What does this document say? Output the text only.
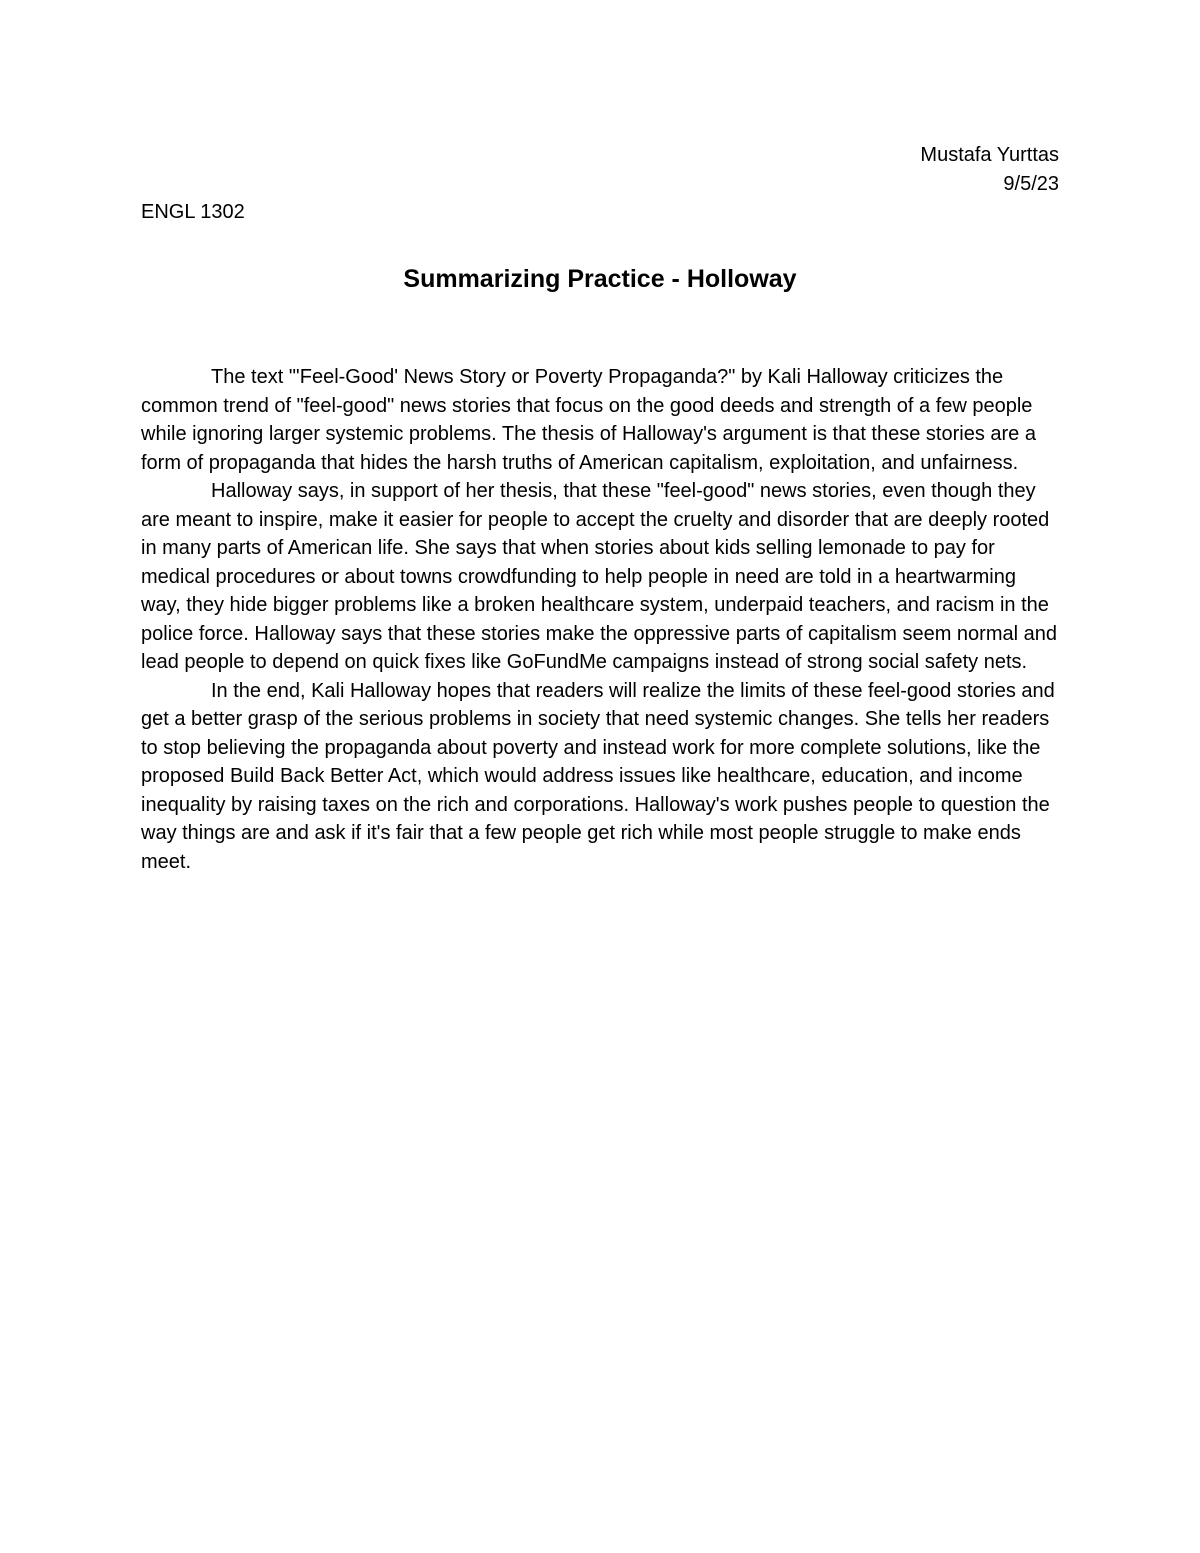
Mustafa Yurttas
9/5/23
ENGL 1302
Summarizing Practice - Holloway

The text "'Feel-Good' News Story or Poverty Propaganda?" by Kali Halloway criticizes the common trend of "feel-good" news stories that focus on the good deeds and strength of a few people while ignoring larger systemic problems. The thesis of Halloway's argument is that these stories are a form of propaganda that hides the harsh truths of American capitalism, exploitation, and unfairness.

Halloway says, in support of her thesis, that these "feel-good" news stories, even though they are meant to inspire, make it easier for people to accept the cruelty and disorder that are deeply rooted in many parts of American life. She says that when stories about kids selling lemonade to pay for medical procedures or about towns crowdfunding to help people in need are told in a heartwarming way, they hide bigger problems like a broken healthcare system, underpaid teachers, and racism in the police force. Halloway says that these stories make the oppressive parts of capitalism seem normal and lead people to depend on quick fixes like GoFundMe campaigns instead of strong social safety nets.

In the end, Kali Halloway hopes that readers will realize the limits of these feel-good stories and get a better grasp of the serious problems in society that need systemic changes. She tells her readers to stop believing the propaganda about poverty and instead work for more complete solutions, like the proposed Build Back Better Act, which would address issues like healthcare, education, and income inequality by raising taxes on the rich and corporations. Halloway's work pushes people to question the way things are and ask if it's fair that a few people get rich while most people struggle to make ends meet.
